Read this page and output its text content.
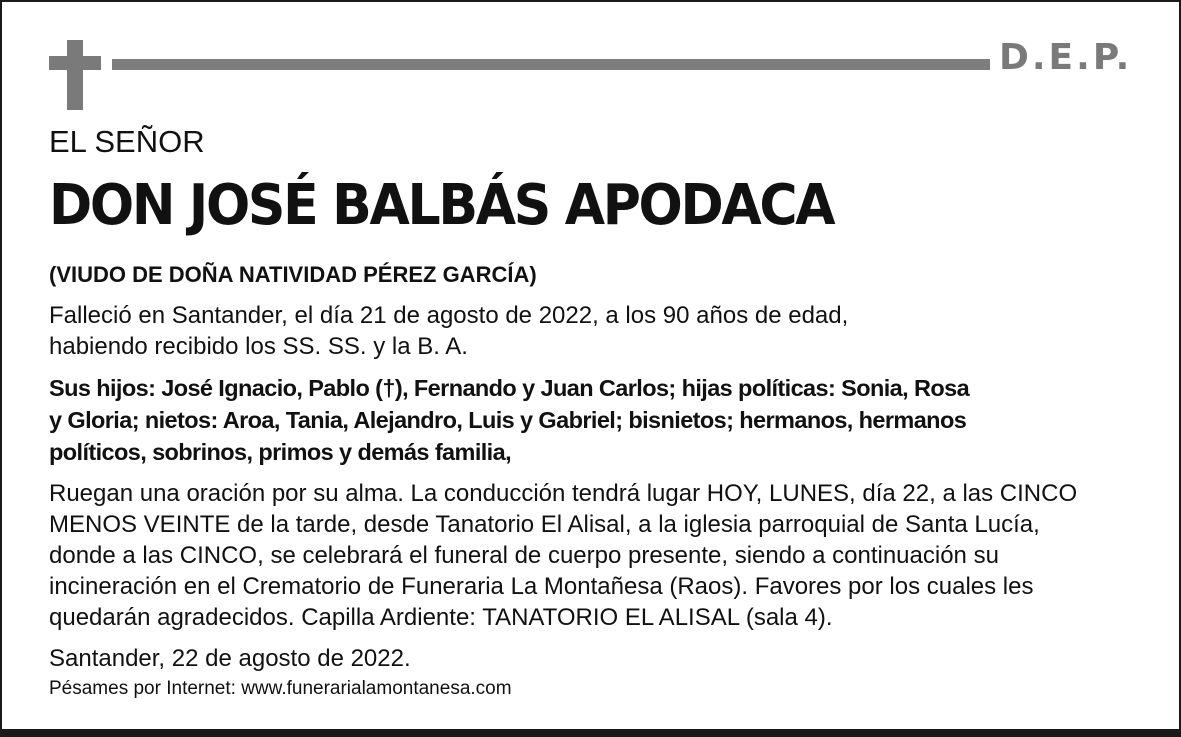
D.E.P.
EL SEÑOR
DON JOSÉ BALBÁS APODACA
(VIUDO DE DOÑA NATIVIDAD PÉREZ GARCÍA)
Falleció en Santander, el día 21 de agosto de 2022, a los 90 años de edad,
habiendo recibido los SS. SS. y la B. A.
Sus hijos: José Ignacio, Pablo (†), Fernando y Juan Carlos; hijas políticas: Sonia, Rosa
y Gloria; nietos: Aroa, Tania, Alejandro, Luis y Gabriel; bisnietos; hermanos, hermanos
políticos, sobrinos, primos y demás familia,
Ruegan una oración por su alma. La conducción tendrá lugar HOY, LUNES, día 22, a las CINCO
MENOS VEINTE de la tarde, desde Tanatorio El Alisal, a la iglesia parroquial de Santa Lucía,
donde a las CINCO, se celebrará el funeral de cuerpo presente, siendo a continuación su
incineración en el Crematorio de Funeraria La Montañesa (Raos). Favores por los cuales les
quedarán agradecidos. Capilla Ardiente: TANATORIO EL ALISAL (sala 4).
Santander, 22 de agosto de 2022.
Pésames por Internet: www.funerarialamontanesa.com
